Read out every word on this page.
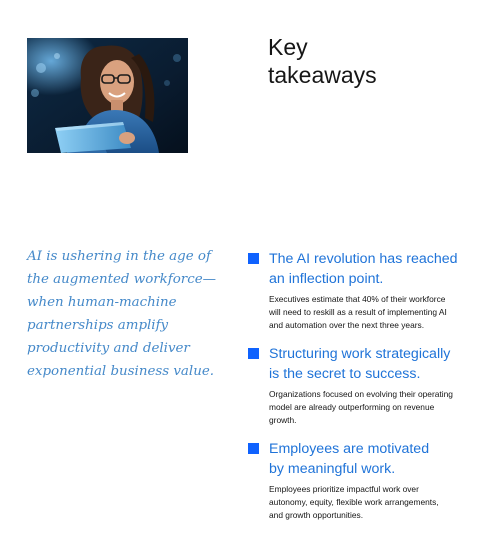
Key
takeaways
AI is ushering in the age of
the augmented workforce—
when human-machine
partnerships amplify
productivity and deliver
exponential business value.
The AI revolution has reached
an inflection point.
Executives estimate that 40% of their workforce
will need to reskill as a result of implementing AI
and automation over the next three years.
Structuring work strategically
is the secret to success.
Organizations focused on evolving their operating
model are already outperforming on revenue
growth.
Employees are motivated
by meaningful work.
Employees prioritize impactful work over
autonomy, equity, flexible work arrangements,
and growth opportunities.
